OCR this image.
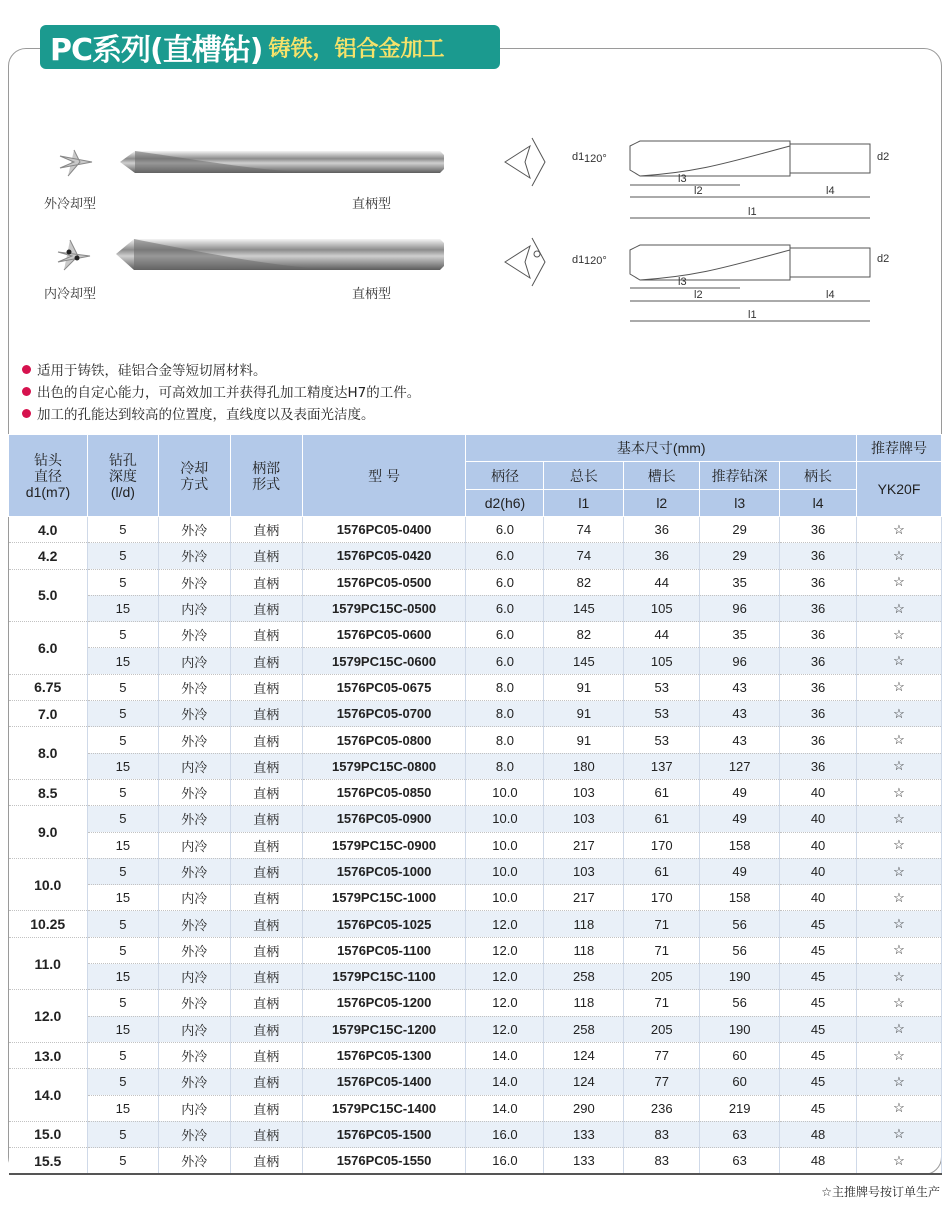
PC系列(直槽钻) 铸铁，铝合金加工
120°
d1	d2
l3
l2	l4
l1
120°
d1	d2
l3
l2	l4
l1
外冷却型	直柄型
内冷却型	直柄型
适用于铸铁，硅铝合金等短切屑材料。
出色的自定心能力，可高效加工并获得孔加工精度达H7的工件。
加工的孔能达到较高的位置度，直线度以及表面光洁度。
钻头
直径
d1(m7)	钻孔
深度
(l/d)	冷却
方式	柄部
形式	型 号	基本尺寸(mm)					推荐牌号
					柄径	总长	槽长	推荐钻深	柄长	YK20F
					d2(h6)	l1	l2	l3	l4	
4.0	5	外冷	直柄	1576PC05-0400	6.0	74	36	29	36	☆
4.2	5	外冷	直柄	1576PC05-0420	6.0	74	36	29	36	☆
5.0	5	外冷	直柄	1576PC05-0500	6.0	82	44	35	36	☆
	15	内冷	直柄	1579PC15C-0500	6.0	145	105	96	36	☆
6.0	5	外冷	直柄	1576PC05-0600	6.0	82	44	35	36	☆
	15	内冷	直柄	1579PC15C-0600	6.0	145	105	96	36	☆
6.75	5	外冷	直柄	1576PC05-0675	8.0	91	53	43	36	☆
7.0	5	外冷	直柄	1576PC05-0700	8.0	91	53	43	36	☆
8.0	5	外冷	直柄	1576PC05-0800	8.0	91	53	43	36	☆
	15	内冷	直柄	1579PC15C-0800	8.0	180	137	127	36	☆
8.5	5	外冷	直柄	1576PC05-0850	10.0	103	61	49	40	☆
9.0	5	外冷	直柄	1576PC05-0900	10.0	103	61	49	40	☆
	15	内冷	直柄	1579PC15C-0900	10.0	217	170	158	40	☆
10.0	5	外冷	直柄	1576PC05-1000	10.0	103	61	49	40	☆
	15	内冷	直柄	1579PC15C-1000	10.0	217	170	158	40	☆
10.25	5	外冷	直柄	1576PC05-1025	12.0	118	71	56	45	☆
11.0	5	外冷	直柄	1576PC05-1100	12.0	118	71	56	45	☆
	15	内冷	直柄	1579PC15C-1100	12.0	258	205	190	45	☆
12.0	5	外冷	直柄	1576PC05-1200	12.0	118	71	56	45	☆
	15	内冷	直柄	1579PC15C-1200	12.0	258	205	190	45	☆
13.0	5	外冷	直柄	1576PC05-1300	14.0	124	77	60	45	☆
14.0	5	外冷	直柄	1576PC05-1400	14.0	124	77	60	45	☆
	15	内冷	直柄	1579PC15C-1400	14.0	290	236	219	45	☆
15.0	5	外冷	直柄	1576PC05-1500	16.0	133	83	63	48	☆
15.5	5	外冷	直柄	1576PC05-1550	16.0	133	83	63	48	☆
☆主推牌号按订单生产
